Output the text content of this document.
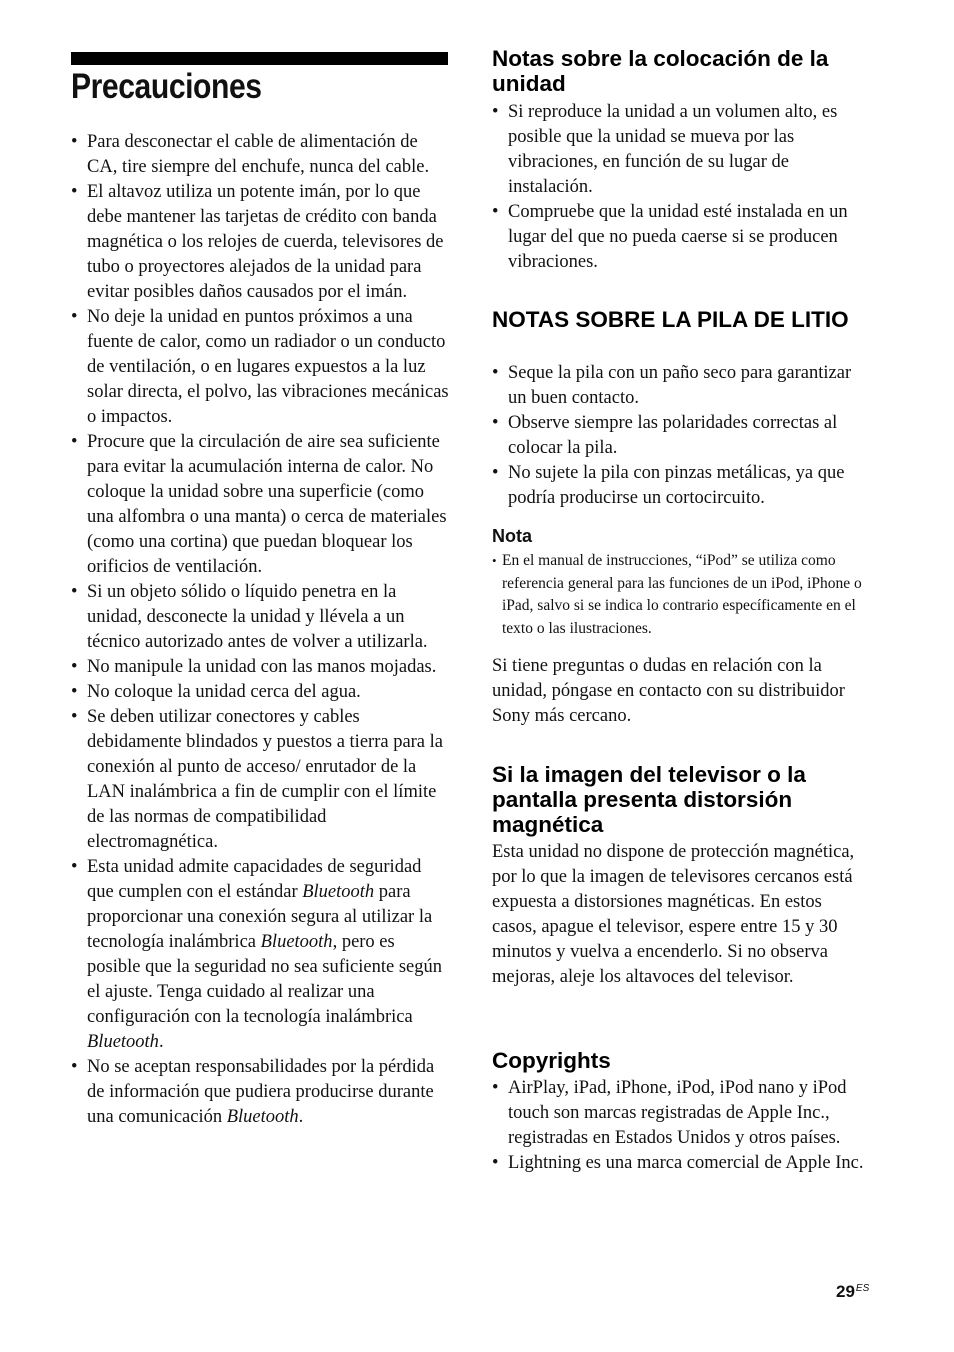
Precauciones
• Para desconectar el cable de alimentación de CA, tire siempre del enchufe, nunca del cable.
• El altavoz utiliza un potente imán, por lo que debe mantener las tarjetas de crédito con banda magnética o los relojes de cuerda, televisores de tubo o proyectores alejados de la unidad para evitar posibles daños causados por el imán.
• No deje la unidad en puntos próximos a una fuente de calor, como un radiador o un conducto de ventilación, o en lugares expuestos a la luz solar directa, el polvo, las vibraciones mecánicas o impactos.
• Procure que la circulación de aire sea suficiente para evitar la acumulación interna de calor. No coloque la unidad sobre una superficie (como una alfombra o una manta) o cerca de materiales (como una cortina) que puedan bloquear los orificios de ventilación.
• Si un objeto sólido o líquido penetra en la unidad, desconecte la unidad y llévela a un técnico autorizado antes de volver a utilizarla.
• No manipule la unidad con las manos mojadas.
• No coloque la unidad cerca del agua.
• Se deben utilizar conectores y cables debidamente blindados y puestos a tierra para la conexión al punto de acceso/ enrutador de la LAN inalámbrica a fin de cumplir con el límite de las normas de compatibilidad electromagnética.
• Esta unidad admite capacidades de seguridad que cumplen con el estándar Bluetooth para proporcionar una conexión segura al utilizar la tecnología inalámbrica Bluetooth, pero es posible que la seguridad no sea suficiente según el ajuste. Tenga cuidado al realizar una configuración con la tecnología inalámbrica Bluetooth.
• No se aceptan responsabilidades por la pérdida de información que pudiera producirse durante una comunicación Bluetooth.
Notas sobre la colocación de la unidad
• Si reproduce la unidad a un volumen alto, es posible que la unidad se mueva por las vibraciones, en función de su lugar de instalación.
• Compruebe que la unidad esté instalada en un lugar del que no pueda caerse si se producen vibraciones.
NOTAS SOBRE LA PILA DE LITIO
• Seque la pila con un paño seco para garantizar un buen contacto.
• Observe siempre las polaridades correctas al colocar la pila.
• No sujete la pila con pinzas metálicas, ya que podría producirse un cortocircuito.
Nota
• En el manual de instrucciones, “iPod” se utiliza como referencia general para las funciones de un iPod, iPhone o iPad, salvo si se indica lo contrario específicamente en el texto o las ilustraciones.

Si tiene preguntas o dudas en relación con la unidad, póngase en contacto con su distribuidor Sony más cercano.

Si la imagen del televisor o la pantalla presenta distorsión magnética

Esta unidad no dispone de protección magnética, por lo que la imagen de televisores cercanos está expuesta a distorsiones magnéticas. En estos casos, apague el televisor, espere entre 15 y 30 minutos y vuelva a encenderlo. Si no observa mejoras, aleje los altavoces del televisor.

Copyrights
• AirPlay, iPad, iPhone, iPod, iPod nano y iPod touch son marcas registradas de Apple Inc., registradas en Estados Unidos y otros países.
• Lightning es una marca comercial de Apple Inc.
$29^{ES}$
